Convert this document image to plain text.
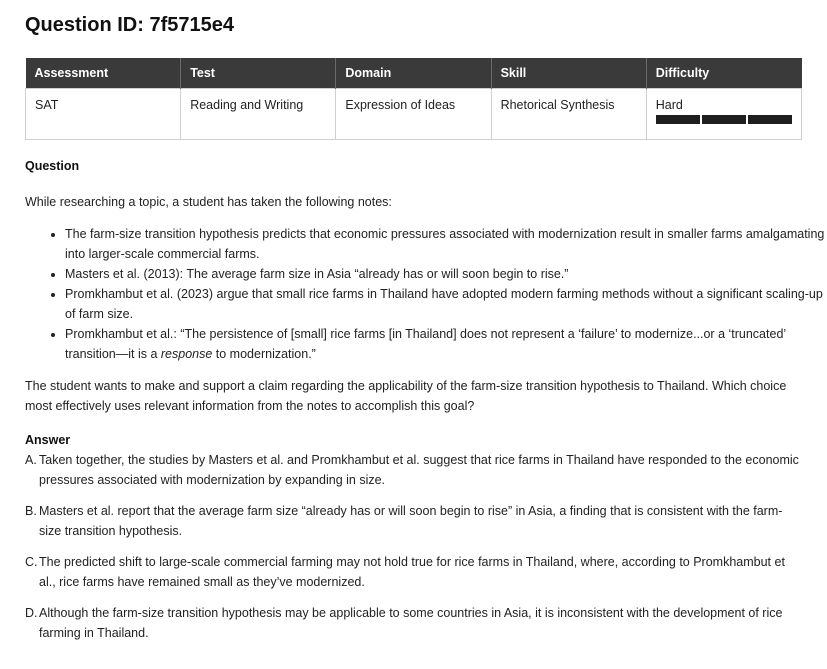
Question ID: 7f5715e4
Assessment	Test	Domain	Skill	Difficulty
SAT	Reading and Writing	Expression of Ideas	Rhetorical Synthesis	Hard
Question
While researching a topic, a student has taken the following notes:
• The farm-size transition hypothesis predicts that economic pressures associated with modernization result in smaller farms amalgamating into larger-scale commercial farms.
• Masters et al. (2013): The average farm size in Asia “already has or will soon begin to rise.”
• Promkhambut et al. (2023) argue that small rice farms in Thailand have adopted modern farming methods without a significant scaling-up of farm size.
• Promkhambut et al.: “The persistence of [small] rice farms [in Thailand] does not represent a ‘failure’ to modernize...or a ‘truncated’ transition—it is a response to modernization.”
The student wants to make and support a claim regarding the applicability of the farm-size transition hypothesis to Thailand. Which choice most effectively uses relevant information from the notes to accomplish this goal?
Answer
A. Taken together, the studies by Masters et al. and Promkhambut et al. suggest that rice farms in Thailand have responded to the economic pressures associated with modernization by expanding in size.
B. Masters et al. report that the average farm size “already has or will soon begin to rise” in Asia, a finding that is consistent with the farm-size transition hypothesis.
C. The predicted shift to large-scale commercial farming may not hold true for rice farms in Thailand, where, according to Promkhambut et al., rice farms have remained small as they’ve modernized.
D. Although the farm-size transition hypothesis may be applicable to some countries in Asia, it is inconsistent with the development of rice farming in Thailand.
